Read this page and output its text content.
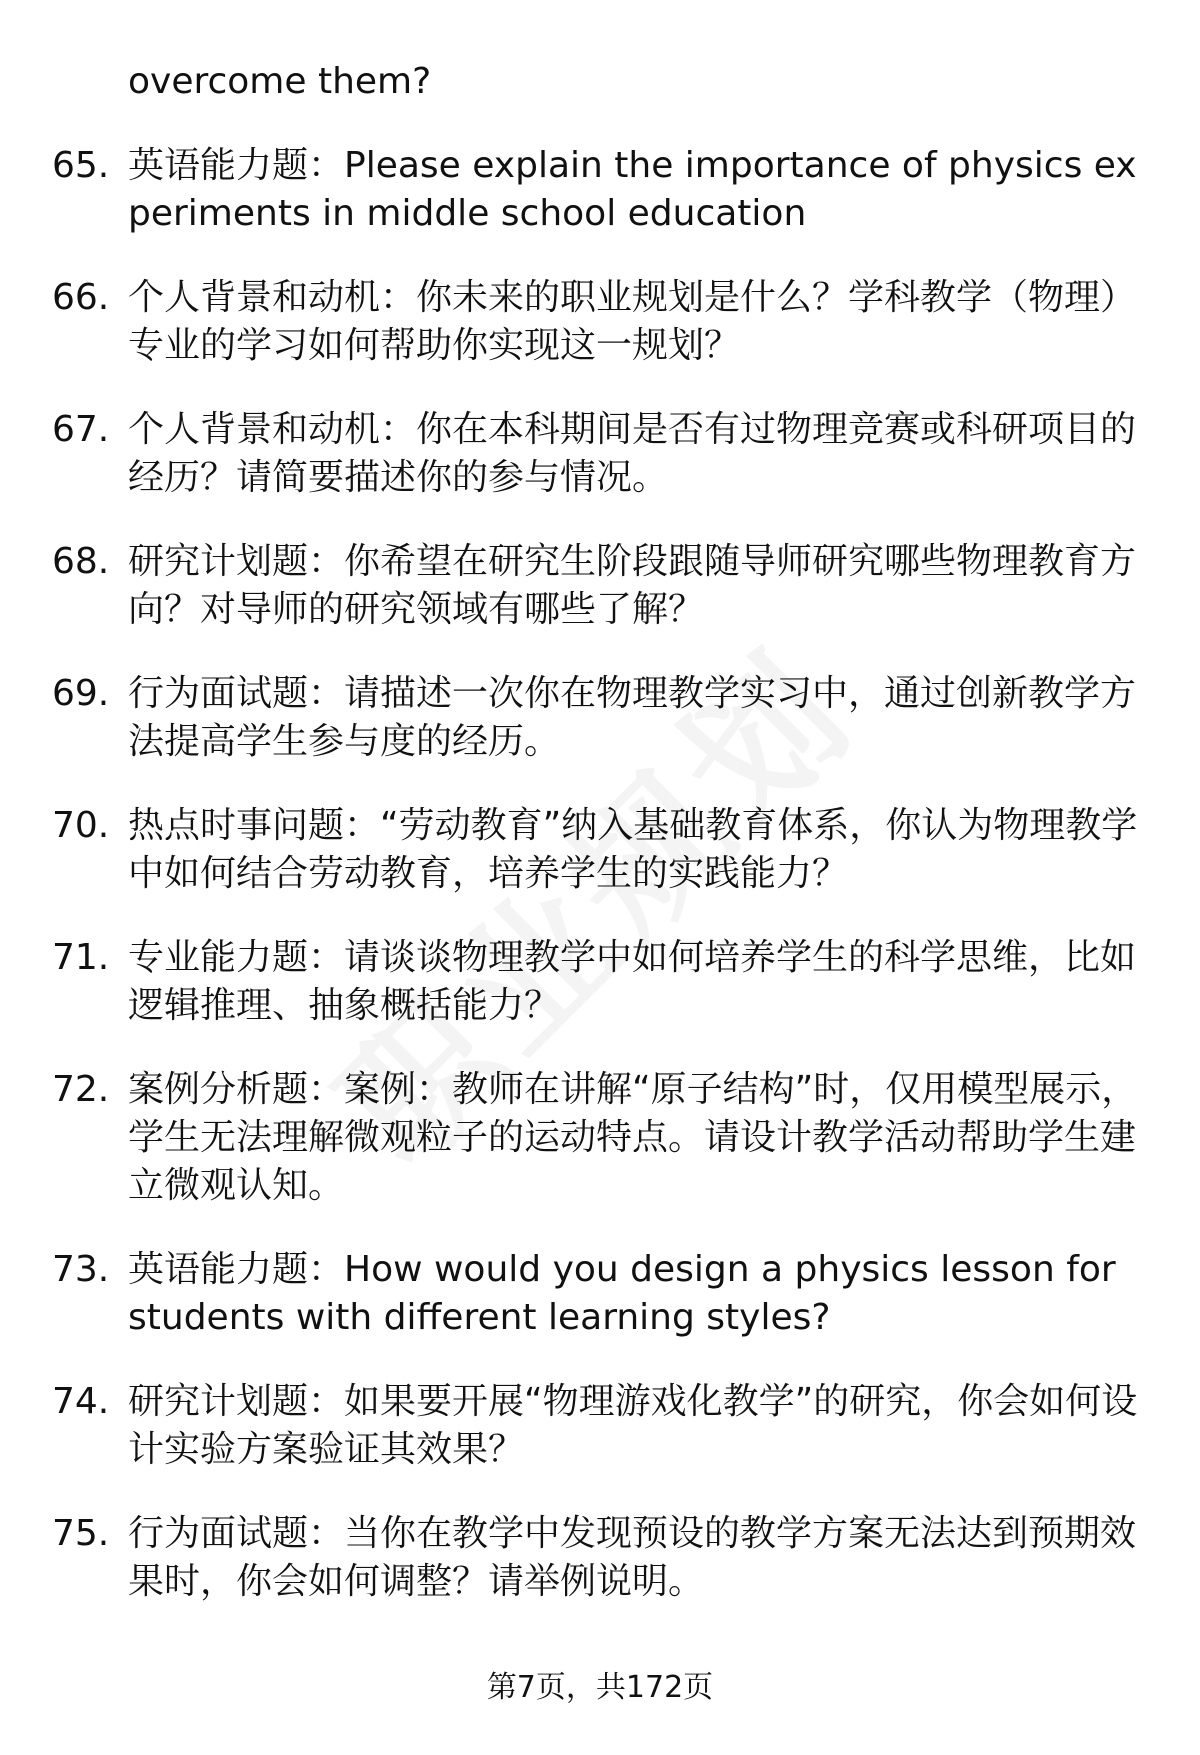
overcome them?
65. 英语能力题：Please explain the importance of physics experiments in middle school education
66. 个人背景和动机：你未来的职业规划是什么？学科教学（物理）专业的学习如何帮助你实现这一规划？
67. 个人背景和动机：你在本科期间是否有过物理竞赛或科研项目的经历？请简要描述你的参与情况。
68. 研究计划题：你希望在研究生阶段跟随导师研究哪些物理教育方向？对导师的研究领域有哪些了解？
69. 行为面试题：请描述一次你在物理教学实习中，通过创新教学方法提高学生参与度的经历。
70. 热点时事问题：“劳动教育”纳入基础教育体系，你认为物理教学中如何结合劳动教育，培养学生的实践能力？
71. 专业能力题：请谈谈物理教学中如何培养学生的科学思维，比如逻辑推理、抽象概括能力？
72. 案例分析题：案例：教师在讲解“原子结构”时，仅用模型展示，学生无法理解微观粒子的运动特点。请设计教学活动帮助学生建立微观认知。
73. 英语能力题：How would you design a physics lesson for students with different learning styles?
74. 研究计划题：如果要开展“物理游戏化教学”的研究，你会如何设计实验方案验证其效果？
75. 行为面试题：当你在教学中发现预设的教学方案无法达到预期效果时，你会如何调整？请举例说明。
第7页，共172页
